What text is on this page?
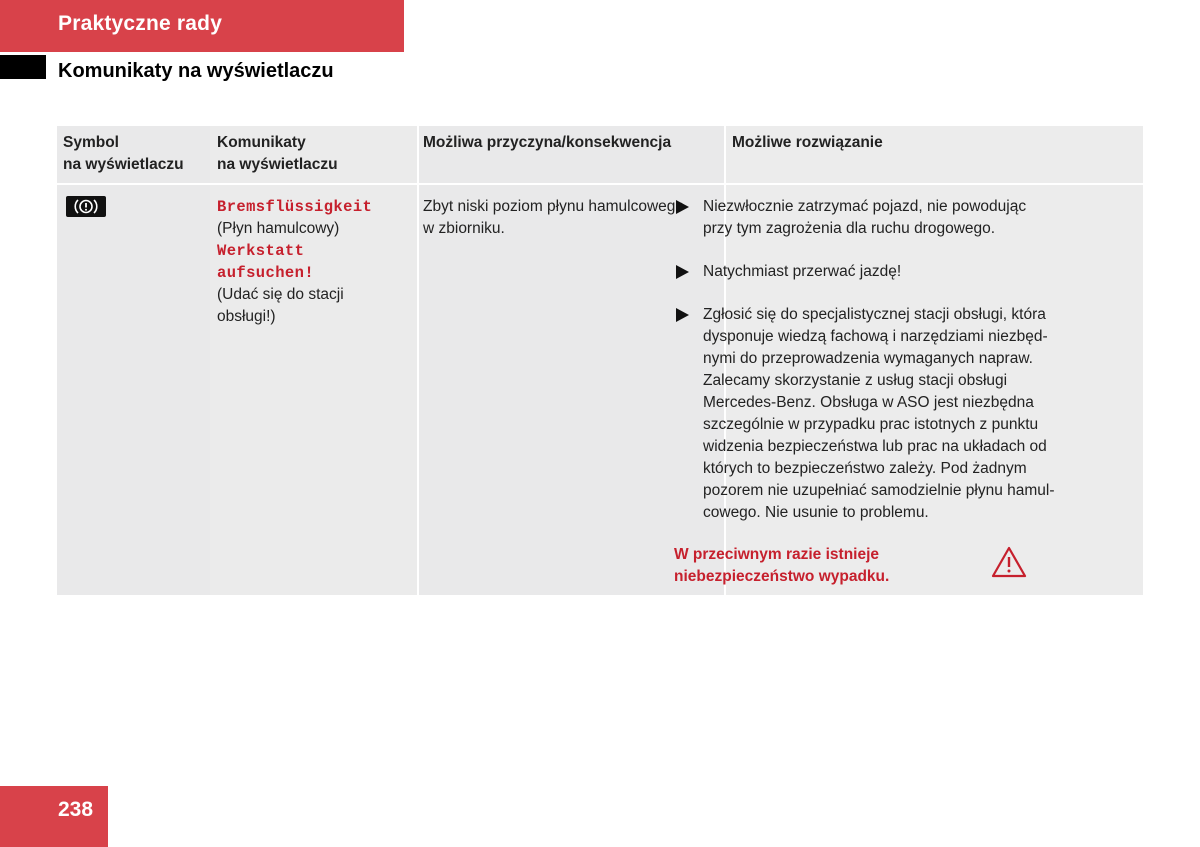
Praktyczne rady
Komunikaty na wyświetlaczu
Symbol
na wyświetlaczu
Komunikaty
na wyświetlaczu
Możliwa przyczyna/konsekwencja	Możliwe rozwiązanie
Bremsflüssigkeit
(Płyn hamulcowy)
Werkstatt
aufsuchen!
(Udać się do stacji
obsługi!)
Zbyt niski poziom płynu hamulcowego
w zbiorniku.
Niezwłocznie zatrzymać pojazd, nie powodując
przy tym zagrożenia dla ruchu drogowego.
Natychmiast przerwać jazdę!
Zgłosić się do specjalistycznej stacji obsługi, która
dysponuje wiedzą fachową i narzędziami niezbęd-
nymi do przeprowadzenia wymaganych napraw.
Zalecamy skorzystanie z usług stacji obsługi
Mercedes-Benz. Obsługa w ASO jest niezbędna
szczególnie w przypadku prac istotnych z punktu
widzenia bezpieczeństwa lub prac na układach od
których to bezpieczeństwo zależy. Pod żadnym
pozorem nie uzupełniać samodzielnie płynu hamul-
cowego. Nie usunie to problemu.
W przeciwnym razie istnieje
niebezpieczeństwo wypadku.
238
